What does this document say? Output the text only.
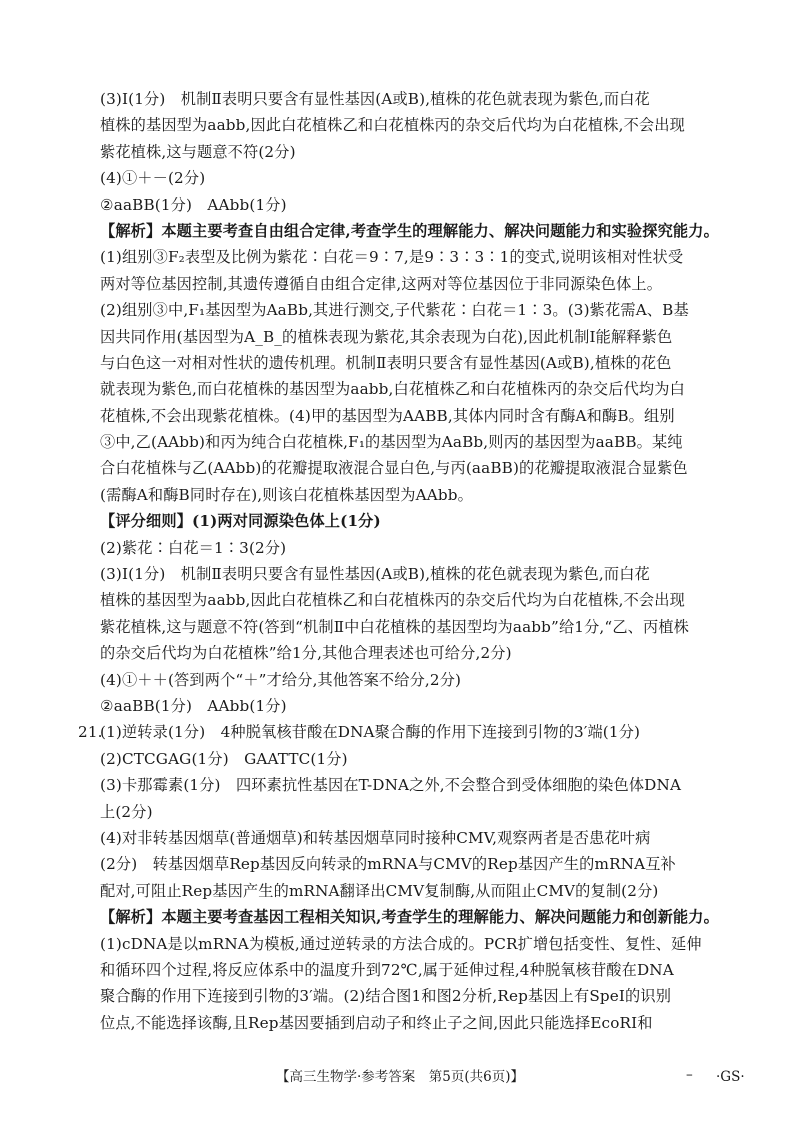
(3)Ⅰ(1分)　机制Ⅱ表明只要含有显性基因(A或B),植株的花色就表现为紫色,而白花
植株的基因型为aabb,因此白花植株乙和白花植株丙的杂交后代均为白花植株,不会出现
紫花植株,这与题意不符(2分)
(4)①＋－(2分)
②aaBB(1分)　AAbb(1分)
【解析】本题主要考查自由组合定律,考查学生的理解能力、解决问题能力和实验探究能力。
(1)组别③F₂表型及比例为紫花∶白花＝9∶7,是9∶3∶3∶1的变式,说明该相对性状受
两对等位基因控制,其遗传遵循自由组合定律,这两对等位基因位于非同源染色体上。
(2)组别③中,F₁基因型为AaBb,其进行测交,子代紫花∶白花＝1∶3。(3)紫花需A、B基
因共同作用(基因型为A_B_的植株表现为紫花,其余表现为白花),因此机制Ⅰ能解释紫色
与白色这一对相对性状的遗传机理。机制Ⅱ表明只要含有显性基因(A或B),植株的花色
就表现为紫色,而白花植株的基因型为aabb,白花植株乙和白花植株丙的杂交后代均为白
花植株,不会出现紫花植株。(4)甲的基因型为AABB,其体内同时含有酶A和酶B。组别
③中,乙(AAbb)和丙为纯合白花植株,F₁的基因型为AaBb,则丙的基因型为aaBB。某纯
合白花植株与乙(AAbb)的花瓣提取液混合显白色,与丙(aaBB)的花瓣提取液混合显紫色
(需酶A和酶B同时存在),则该白花植株基因型为AAbb。
【评分细则】(1)两对同源染色体上(1分)
(2)紫花∶白花＝1∶3(2分)
(3)Ⅰ(1分)　机制Ⅱ表明只要含有显性基因(A或B),植株的花色就表现为紫色,而白花
植株的基因型为aabb,因此白花植株乙和白花植株丙的杂交后代均为白花植株,不会出现
紫花植株,这与题意不符(答到“机制Ⅱ中白花植株的基因型均为aabb”给1分,“乙、丙植株
的杂交后代均为白花植株”给1分,其他合理表述也可给分,2分)
(4)①＋＋(答到两个“＋”才给分,其他答案不给分,2分)
②aaBB(1分)　AAbb(1分)
21.
(1)逆转录(1分)　4种脱氧核苷酸在DNA聚合酶的作用下连接到引物的3′端(1分)
(2)CTCGAG(1分)　GAATTC(1分)
(3)卡那霉素(1分)　四环素抗性基因在T-DNA之外,不会整合到受体细胞的染色体DNA
上(2分)
(4)对非转基因烟草(普通烟草)和转基因烟草同时接种CMV,观察两者是否患花叶病
(2分)　转基因烟草Rep基因反向转录的mRNA与CMV的Rep基因产生的mRNA互补
配对,可阻止Rep基因产生的mRNA翻译出CMV复制酶,从而阻止CMV的复制(2分)
【解析】本题主要考查基因工程相关知识,考查学生的理解能力、解决问题能力和创新能力。
(1)cDNA是以mRNA为模板,通过逆转录的方法合成的。PCR扩增包括变性、复性、延伸
和循环四个过程,将反应体系中的温度升到72℃,属于延伸过程,4种脱氧核苷酸在DNA
聚合酶的作用下连接到引物的3′端。(2)结合图1和图2分析,Rep基因上有SpeⅠ的识别
位点,不能选择该酶,且Rep基因要插到启动子和终止子之间,因此只能选择EcoRⅠ和
【高三生物学·参考答案　第5页(共6页)】	– ·GS·
